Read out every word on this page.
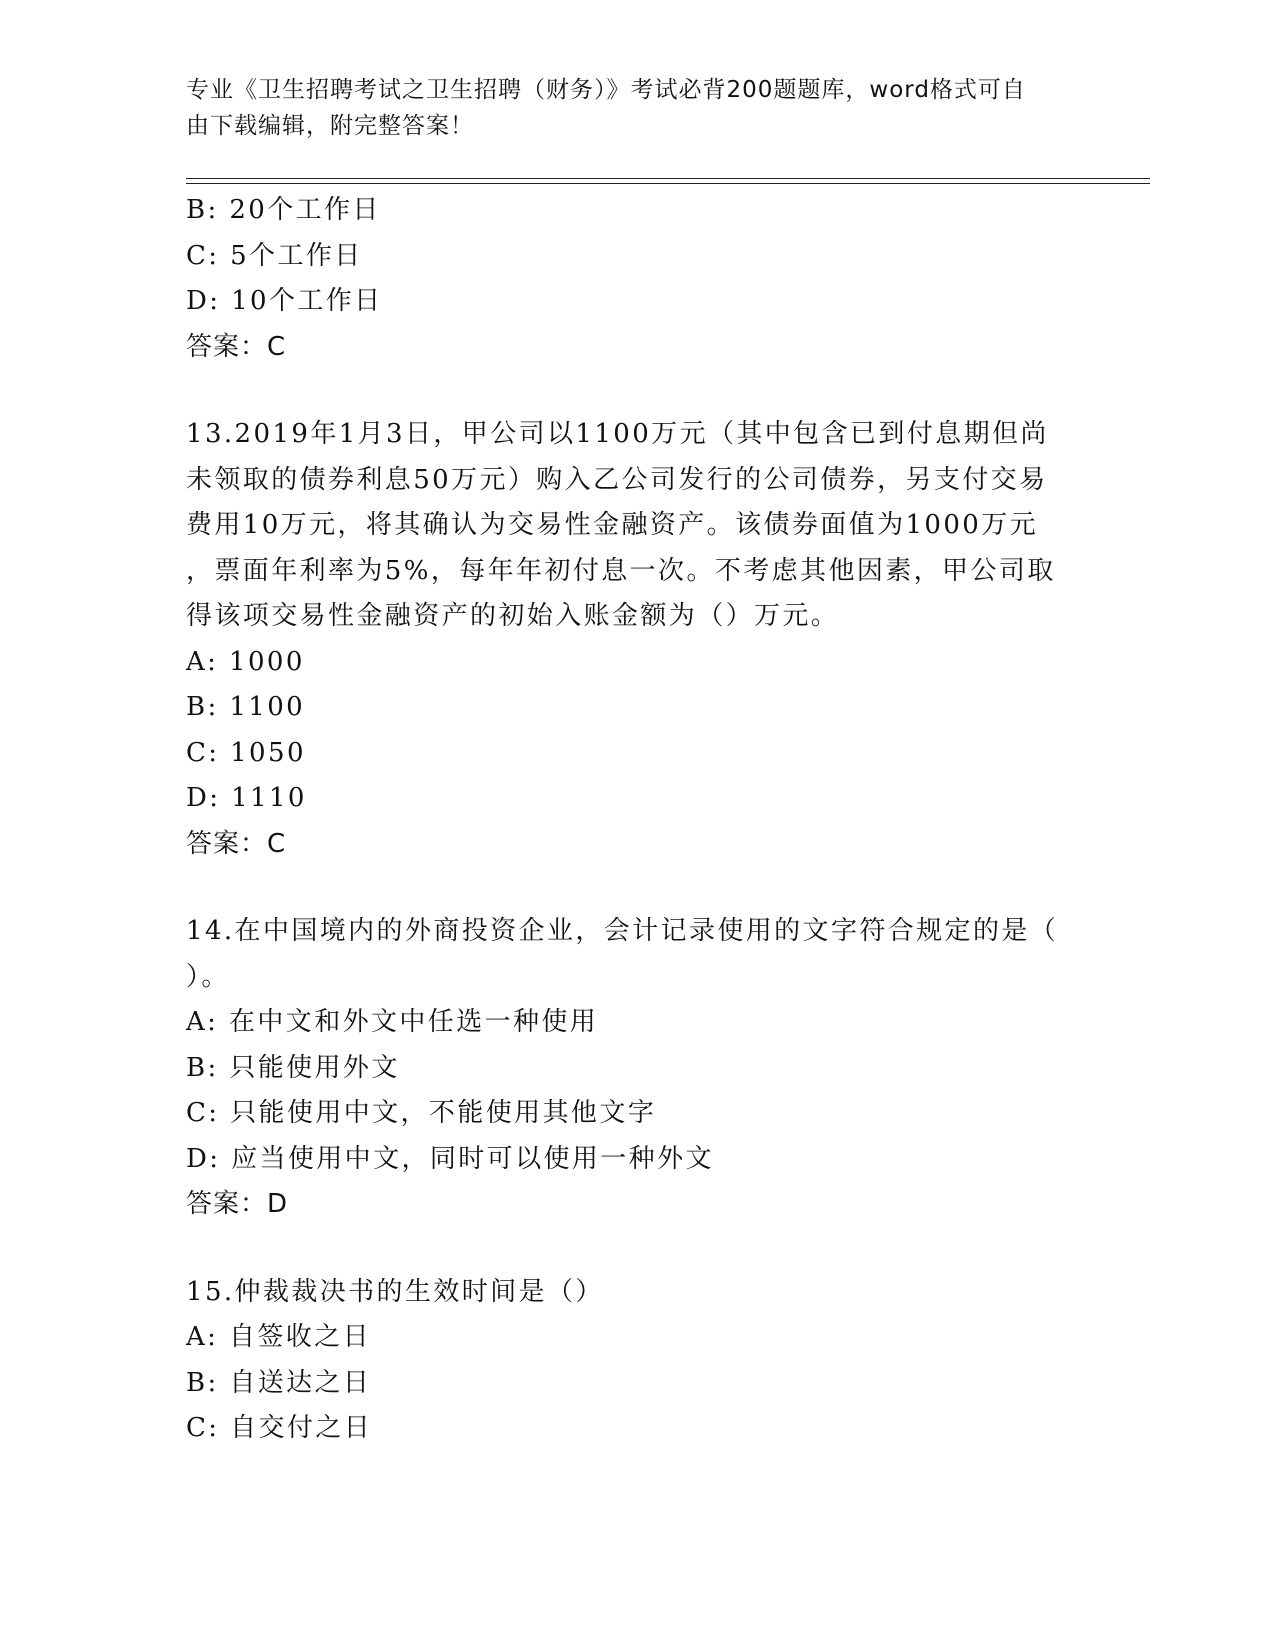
专业《卫生招聘考试之卫生招聘（财务）》考试必背200题题库，word格式可自
由下载编辑，附完整答案！
B: 20个工作日
C: 5个工作日
D: 10个工作日
答案：C
13.2019年1月3日，甲公司以1100万元（其中包含已到付息期但尚
未领取的债券利息50万元）购入乙公司发行的公司债券，另支付交易
费用10万元，将其确认为交易性金融资产。该债券面值为1000万元
，票面年利率为5%，每年年初付息一次。不考虑其他因素，甲公司取
得该项交易性金融资产的初始入账金额为（）万元。
A: 1000
B: 1100
C: 1050
D: 1110
答案：C
14.在中国境内的外商投资企业，会计记录使用的文字符合规定的是（
）。
A: 在中文和外文中任选一种使用
B: 只能使用外文
C: 只能使用中文，不能使用其他文字
D: 应当使用中文，同时可以使用一种外文
答案：D
15.仲裁裁决书的生效时间是（）
A: 自签收之日
B: 自送达之日
C: 自交付之日
